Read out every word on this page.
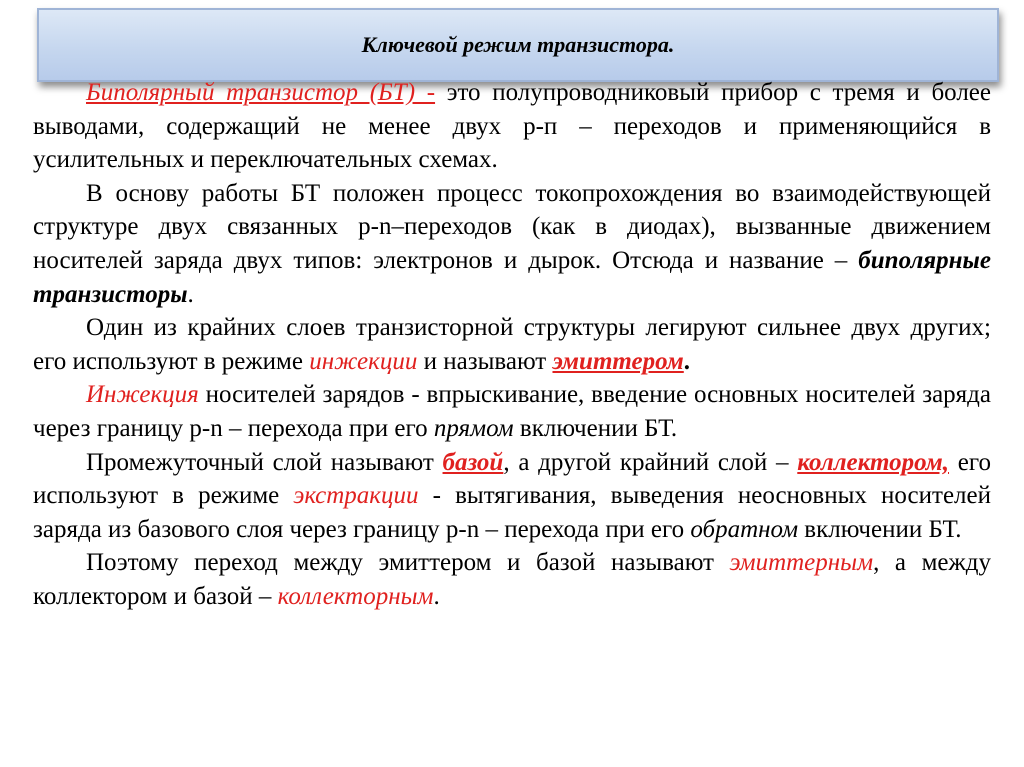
Ключевой режим транзистора.

Биполярный транзистор (БТ) - это полупроводниковый прибор с тремя и более выводами, содержащий не менее двух p-п – переходов и применяющийся в усилительных и переключательных схемах.

В основу работы БТ положен процесс токопрохождения во взаимодействующей структуре двух связанных p-n–переходов (как в диодах), вызванные движением носителей заряда двух типов: электронов и дырок. Отсюда и название – биполярные транзисторы.

Один из крайних слоев транзисторной структуры легируют сильнее двух других; его используют в режиме инжекции и называют эмиттером.

Инжекция носителей зарядов - впрыскивание, введение основных носителей заряда через границу p-n – перехода при его прямом включении БТ.

Промежуточный слой называют базой, а другой крайний слой – коллектором, его используют в режиме экстракции - вытягивания, выведения неосновных носителей заряда из базового слоя через границу p-n – перехода при его обратном включении БТ.

Поэтому переход между эмиттером и базой называют эмиттерным, а между коллектором и базой – коллекторным.
